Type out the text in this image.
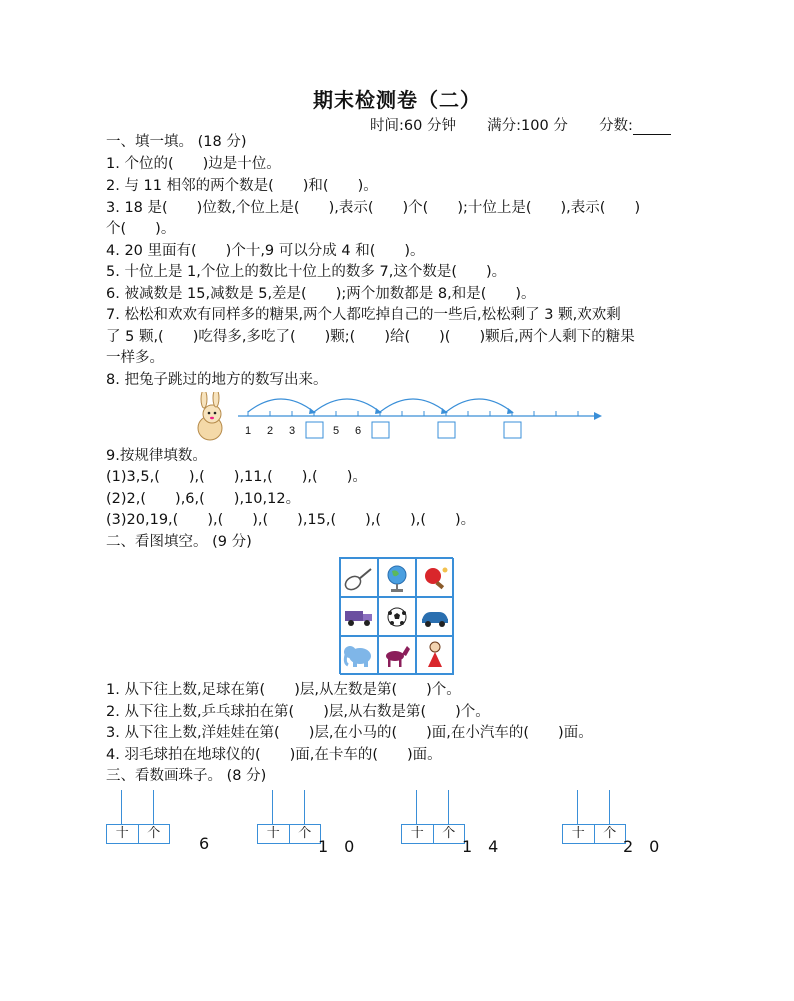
期末检测卷（二）
时间:60 分钟 满分:100 分 分数:
一、填一填。 (18 分)
1. 个位的(　　)边是十位。
2. 与 11 相邻的两个数是(　　)和(　　)。
3. 18 是(　　)位数,个位上是(　　),表示(　　)个(　　);十位上是(　　),表示(　　)
个(　　)。
4. 20 里面有(　　)个十,9 可以分成 4 和(　　)。
5. 十位上是 1,个位上的数比十位上的数多 7,这个数是(　　)。
6. 被减数是 15,减数是 5,差是(　　);两个加数都是 8,和是(　　)。
7. 松松和欢欢有同样多的糖果,两个人都吃掉自己的一些后,松松剩了 3 颗,欢欢剩
了 5 颗,(　　)吃得多,多吃了(　　)颗;(　　)给(　　)(　　)颗后,两个人剩下的糖果
一样多。
8. 把兔子跳过的地方的数写出来。
1 2 3	5 6
9.按规律填数。
(1)3,5,(　　),(　　),11,(　　),(　　)。
(2)2,(　　),6,(　　),10,12。
(3)20,19,(　　),(　　),(　　),15,(　　),(　　),(　　)。
二、看图填空。 (9 分)
1. 从下往上数,足球在第(　　)层,从左数是第(　　)个。
2. 从下往上数,乒乓球拍在第(　　)层,从右数是第(　　)个。
3. 从下往上数,洋娃娃在第(　　)层,在小马的(　　)面,在小汽车的(　　)面。
4. 羽毛球拍在地球仪的(　　)面,在卡车的(　　)面。
三、看数画珠子。 (8 分)
十	个
6
十	个
1　0
十	个
1　4
十	个
2　0
